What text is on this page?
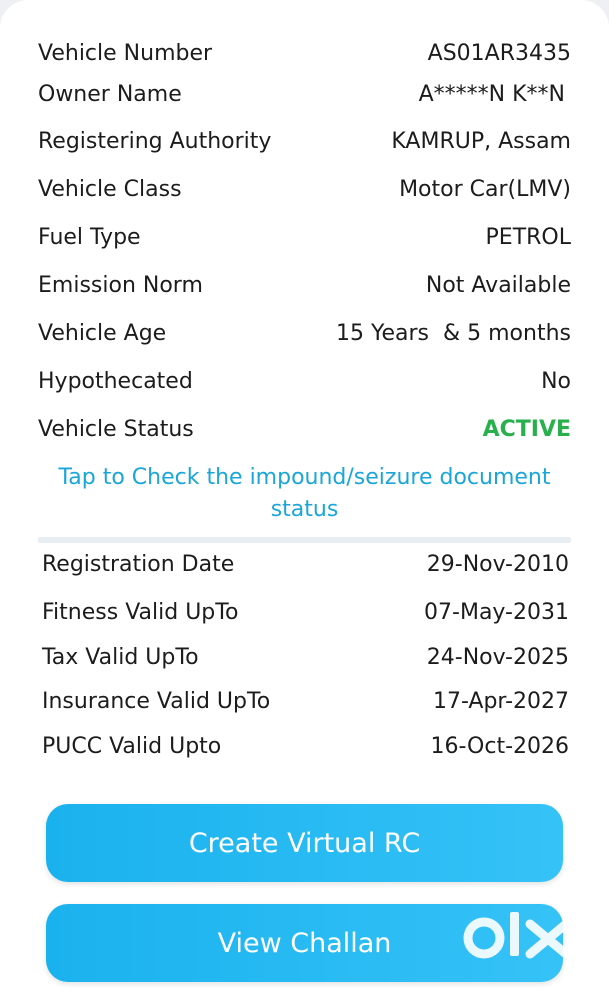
Vehicle Number	AS01AR3435
Owner Name	A*****N K**N
Registering Authority	KAMRUP, Assam
Vehicle Class	Motor Car(LMV)
Fuel Type	PETROL
Emission Norm	Not Available
Vehicle Age	15 Years  & 5 months
Hypothecated	No
Vehicle Status	ACTIVE
Tap to Check the impound/seizure document status
Registration Date	29-Nov-2010
Fitness Valid UpTo	07-May-2031
Tax Valid UpTo	24-Nov-2025
Insurance Valid UpTo	17-Apr-2027
PUCC Valid Upto	16-Oct-2026
Create Virtual RC
View Challan
